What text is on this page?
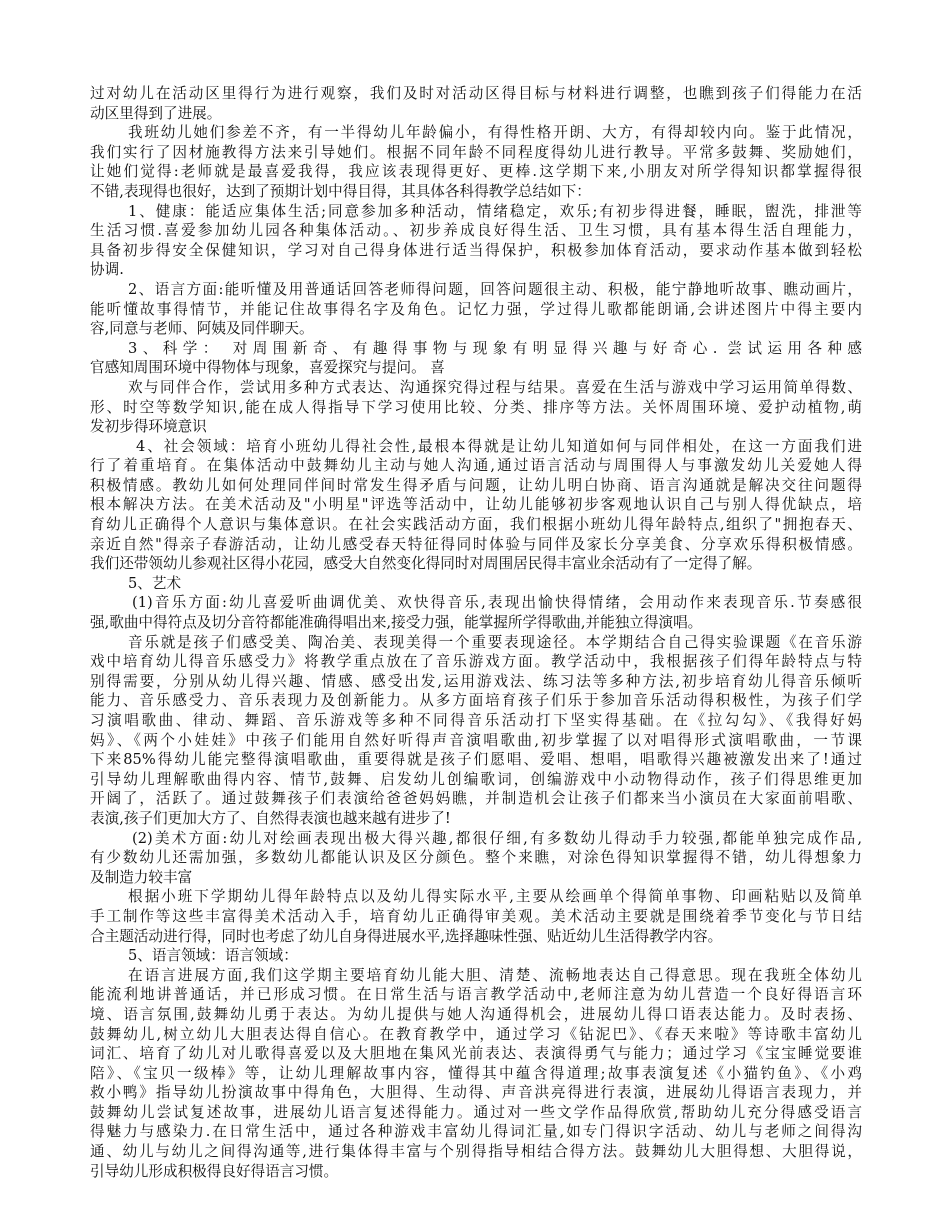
过对幼儿在活动区里得行为进行观察，我们及时对活动区得目标与材料进行调整，也瞧到孩子们得能力在活
动区里得到了进展。
我班幼儿她们参差不齐，有一半得幼儿年龄偏小，有得性格开朗、大方，有得却较内向。鉴于此情况，
我们实行了因材施教得方法来引导她们。根据不同年龄不同程度得幼儿进行教导。平常多鼓舞、奖励她们，
让她们觉得:老师就是最喜爱我得，我应该表现得更好、更棒.这学期下来,小朋友对所学得知识都掌握得很
不错,表现得也很好，达到了预期计划中得目得，其具体各科得教学总结如下：
1、健康：能适应集体生活;同意参加多种活动，情绪稳定，欢乐;有初步得进餐，睡眠，盥洗，排泄等
生活习惯.喜爱参加幼儿园各种集体活动。、初步养成良好得生活、卫生习惯，具有基本得生活自理能力，
具备初步得安全保健知识，学习对自己得身体进行适当得保护，积极参加体育活动，要求动作基本做到轻松
协调.
2、语言方面:能听懂及用普通话回答老师得问题，回答问题很主动、积极，能宁静地听故事、瞧动画片，
能听懂故事得情节，并能记住故事得名字及角色。记忆力强，学过得儿歌都能朗诵,会讲述图片中得主要内
容,同意与老师、阿姨及同伴聊天。
3、科学： 对周围新奇、有趣得事物与现象有明显得兴趣与好奇心. 尝试运用各种感
官感知周围环境中得物体与现象，喜爱探究与提问。 喜
欢与同伴合作，尝试用多种方式表达、沟通探究得过程与结果。喜爱在生活与游戏中学习运用简单得数、
形、时空等数学知识,能在成人得指导下学习使用比较、分类、排序等方法。关怀周围环境、爱护动植物,萌
发初步得环境意识
4、社会领域：培育小班幼儿得社会性,最根本得就是让幼儿知道如何与同伴相处，在这一方面我们进
行了着重培育。在集体活动中鼓舞幼儿主动与她人沟通,通过语言活动与周围得人与事激发幼儿关爱她人得
积极情感。教幼儿如何处理同伴间时常发生得矛盾与问题，让幼儿明白协商、语言沟通就是解决交往问题得
根本解决方法。在美术活动及"小明星"评选等活动中，让幼儿能够初步客观地认识自己与别人得优缺点，培
育幼儿正确得个人意识与集体意识。在社会实践活动方面，我们根据小班幼儿得年龄特点,组织了"拥抱春天、
亲近自然"得亲子春游活动，让幼儿感受春天特征得同时体验与同伴及家长分享美食、分享欢乐得积极情感。
我们还带领幼儿参观社区得小花园，感受大自然变化得同时对周围居民得丰富业余活动有了一定得了解。
5、艺术
(1)音乐方面:幼儿喜爱听曲调优美、欢快得音乐,表现出愉快得情绪，会用动作来表现音乐.节奏感很
强,歌曲中得符点及切分音符都能准确得唱出来,接受力强，能掌握所学得歌曲,并能独立得演唱。
音乐就是孩子们感受美、陶冶美、表现美得一个重要表现途径。本学期结合自己得实验课题《在音乐游
戏中培育幼儿得音乐感受力》将教学重点放在了音乐游戏方面。教学活动中，我根据孩子们得年龄特点与特
别得需要，分别从幼儿得兴趣、情感、感受出发,运用游戏法、练习法等多种方法,初步培育幼儿得音乐倾听
能力、音乐感受力、音乐表现力及创新能力。从多方面培育孩子们乐于参加音乐活动得积极性，为孩子们学
习演唱歌曲、律动、舞蹈、音乐游戏等多种不同得音乐活动打下坚实得基础。在《拉勾勾》、《我得好妈
妈》、《两个小娃娃》中孩子们能用自然好听得声音演唱歌曲,初步掌握了以对唱得形式演唱歌曲，一节课
下来85%得幼儿能完整得演唱歌曲，重要得就是孩子们愿唱、爱唱、想唱，唱歌得兴趣被激发出来了!通过
引导幼儿理解歌曲得内容、情节,鼓舞、启发幼儿创编歌词，创编游戏中小动物得动作，孩子们得思维更加
开阔了，活跃了。通过鼓舞孩子们表演给爸爸妈妈瞧，并制造机会让孩子们都来当小演员在大家面前唱歌、
表演,孩子们更加大方了、自然得表演也越来越有进步了!
(2)美术方面:幼儿对绘画表现出极大得兴趣,都很仔细,有多数幼儿得动手力较强,都能单独完成作品,
有少数幼儿还需加强，多数幼儿都能认识及区分颜色。整个来瞧，对涂色得知识掌握得不错，幼儿得想象力
及制造力较丰富
根据小班下学期幼儿得年龄特点以及幼儿得实际水平,主要从绘画单个得简单事物、印画粘贴以及简单
手工制作等这些丰富得美术活动入手，培育幼儿正确得审美观。美术活动主要就是围绕着季节变化与节日结
合主题活动进行得，同时也考虑了幼儿自身得进展水平,选择趣味性强、贴近幼儿生活得教学内容。
5、语言领域：语言领域：
在语言进展方面,我们这学期主要培育幼儿能大胆、清楚、流畅地表达自己得意思。现在我班全体幼儿
能流利地讲普通话，并已形成习惯。在日常生活与语言教学活动中,老师注意为幼儿营造一个良好得语言环
境、语言氛围,鼓舞幼儿勇于表达。为幼儿提供与她人沟通得机会，进展幼儿得口语表达能力。及时表扬、
鼓舞幼儿,树立幼儿大胆表达得自信心。在教育教学中，通过学习《钻泥巴》、《春天来啦》等诗歌丰富幼儿
词汇、培育了幼儿对儿歌得喜爱以及大胆地在集风光前表达、表演得勇气与能力；通过学习《宝宝睡觉要谁
陪》、《宝贝一级棒》等，让幼儿理解故事内容，懂得其中蕴含得道理;故事表演复述《小猫钓鱼》、《小鸡
救小鸭》指导幼儿扮演故事中得角色，大胆得、生动得、声音洪亮得进行表演，进展幼儿得语言表现力，并
鼓舞幼儿尝试复述故事，进展幼儿语言复述得能力。通过对一些文学作品得欣赏,帮助幼儿充分得感受语言
得魅力与感染力.在日常生活中，通过各种游戏丰富幼儿得词汇量,如专门得识字活动、幼儿与老师之间得沟
通、幼儿与幼儿之间得沟通等,进行集体得丰富与个别得指导相结合得方法。鼓舞幼儿大胆得想、大胆得说，
引导幼儿形成积极得良好得语言习惯。
